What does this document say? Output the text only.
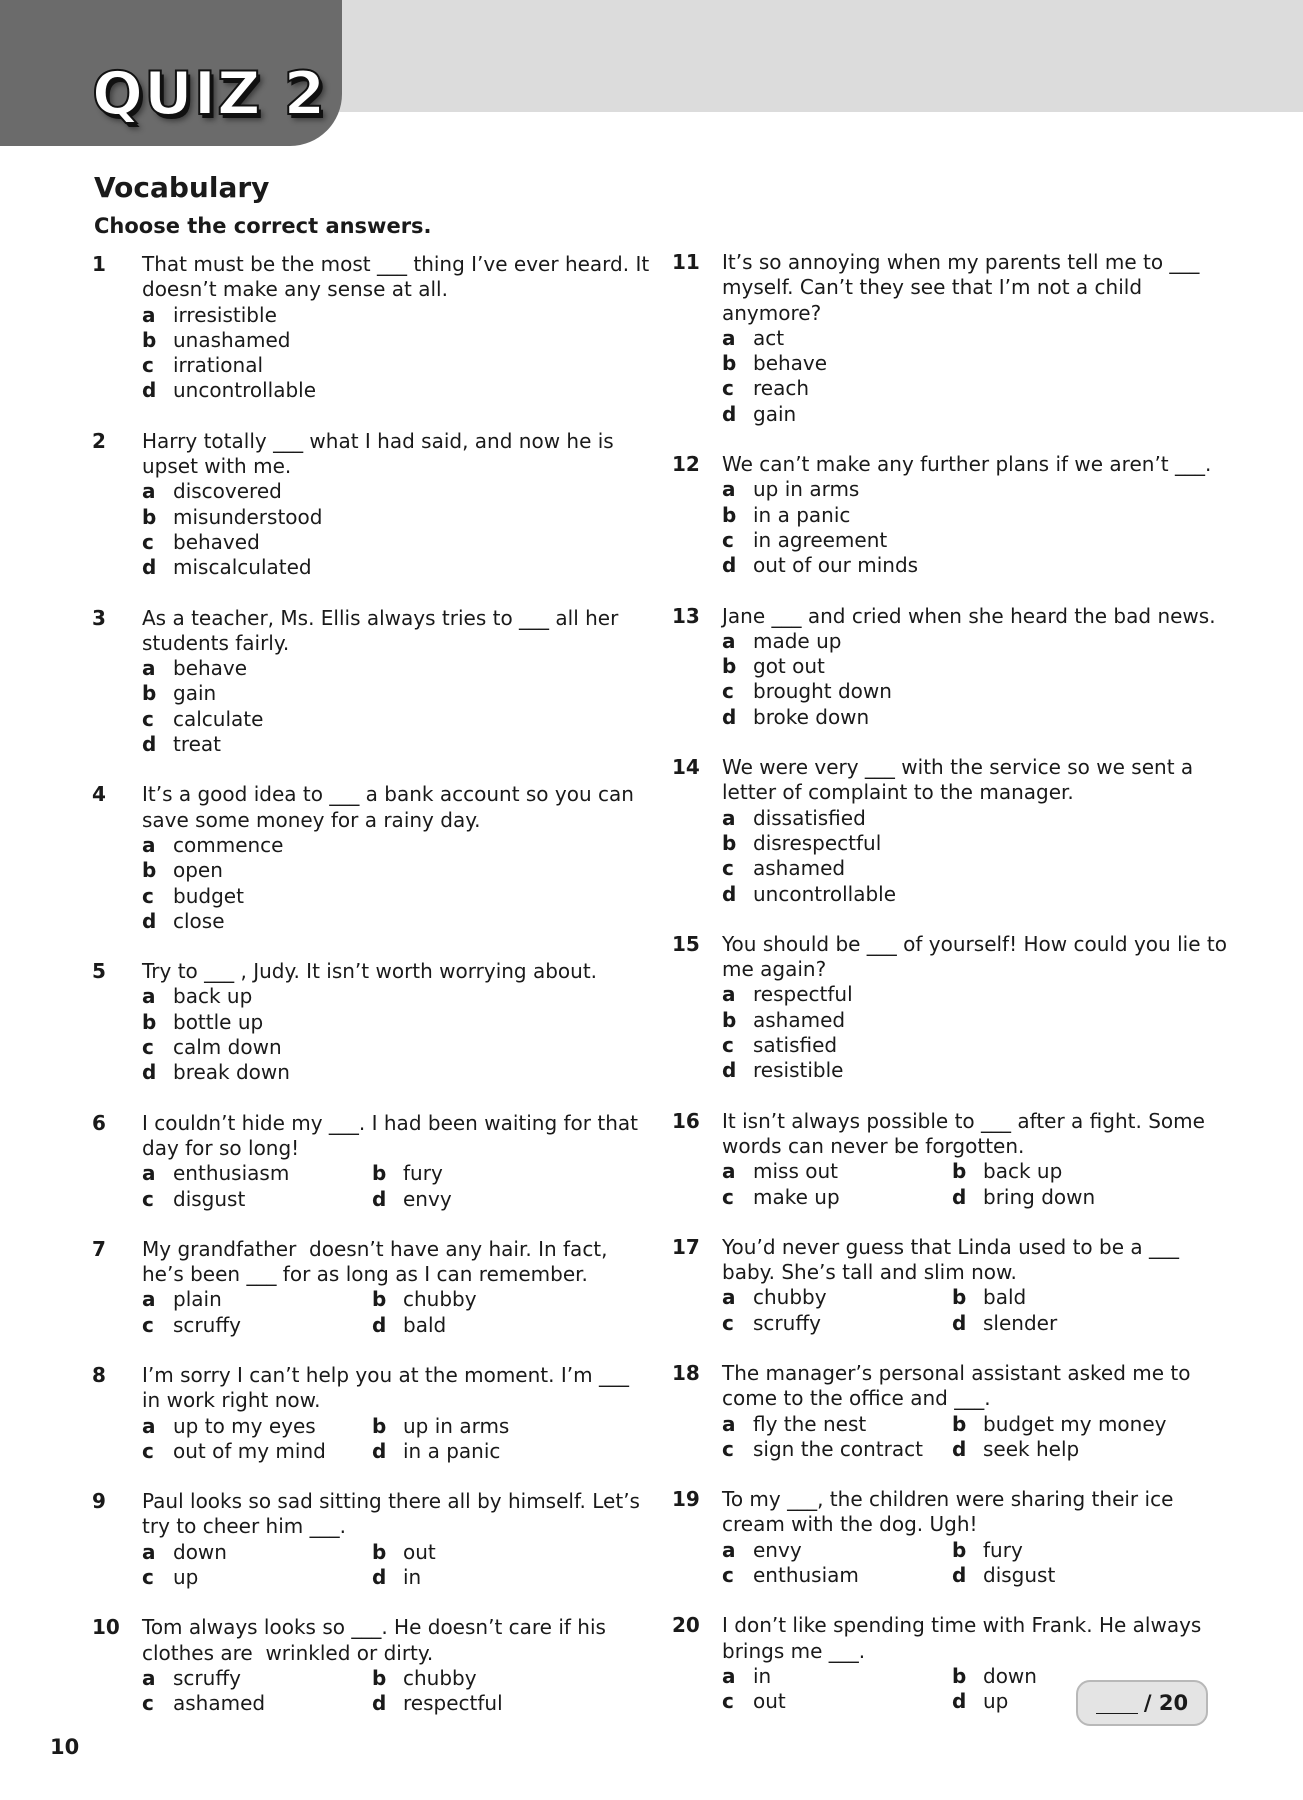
QUIZ 2
Vocabulary
Choose the correct answers.
1	That must be the most ___ thing I’ve ever heard. It doesn’t make any sense at all.
a irresistible
b unashamed
c irrational
d uncontrollable
2	Harry totally ___ what I had said, and now he is upset with me.
a discovered
b misunderstood
c behaved
d miscalculated
3	As a teacher, Ms. Ellis always tries to ___ all her students fairly.
a behave
b gain
c calculate
d treat
4	It’s a good idea to ___ a bank account so you can save some money for a rainy day.
a commence
b open
c budget
d close
5	Try to ___ , Judy. It isn’t worth worrying about.
a back up
b bottle up
c calm down
d break down
6	I couldn’t hide my ___. I had been waiting for that day for so long!
a enthusiasm	b fury
c disgust	d envy
7	My grandfather  doesn’t have any hair. In fact, he’s been ___ for as long as I can remember.
a plain	b chubby
c scruffy	d bald
8	I’m sorry I can’t help you at the moment. I’m ___ in work right now.
a up to my eyes	b up in arms
c out of my mind	d in a panic
9	Paul looks so sad sitting there all by himself. Let’s try to cheer him ___.
a down	b out
c up	d in
10	Tom always looks so ___. He doesn’t care if his clothes are  wrinkled or dirty.
a scruffy	b chubby
c ashamed	d respectful
11	It’s so annoying when my parents tell me to ___ myself. Can’t they see that I’m not a child anymore?
a act
b behave
c reach
d gain
12	We can’t make any further plans if we aren’t ___.
a up in arms
b in a panic
c in agreement
d out of our minds
13	Jane ___ and cried when she heard the bad news.
a made up
b got out
c brought down
d broke down
14	We were very ___ with the service so we sent a letter of complaint to the manager.
a dissatisfied
b disrespectful
c ashamed
d uncontrollable
15	You should be ___ of yourself! How could you lie to me again?
a respectful
b ashamed
c satisfied
d resistible
16	It isn’t always possible to ___ after a fight. Some words can never be forgotten.
a miss out	b back up
c make up	d bring down
17	You’d never guess that Linda used to be a ___ baby. She’s tall and slim now.
a chubby	b bald
c scruffy	d slender
18	The manager’s personal assistant asked me to come to the office and ___.
a fly the nest	b budget my money
c sign the contract	d seek help
19	To my ___, the children were sharing their ice cream with the dog. Ugh!
a envy	b fury
c enthusiam	d disgust
20	I don’t like spending time with Frank. He always brings me ___.
a in	b down
c out	d up	/ 20
10
